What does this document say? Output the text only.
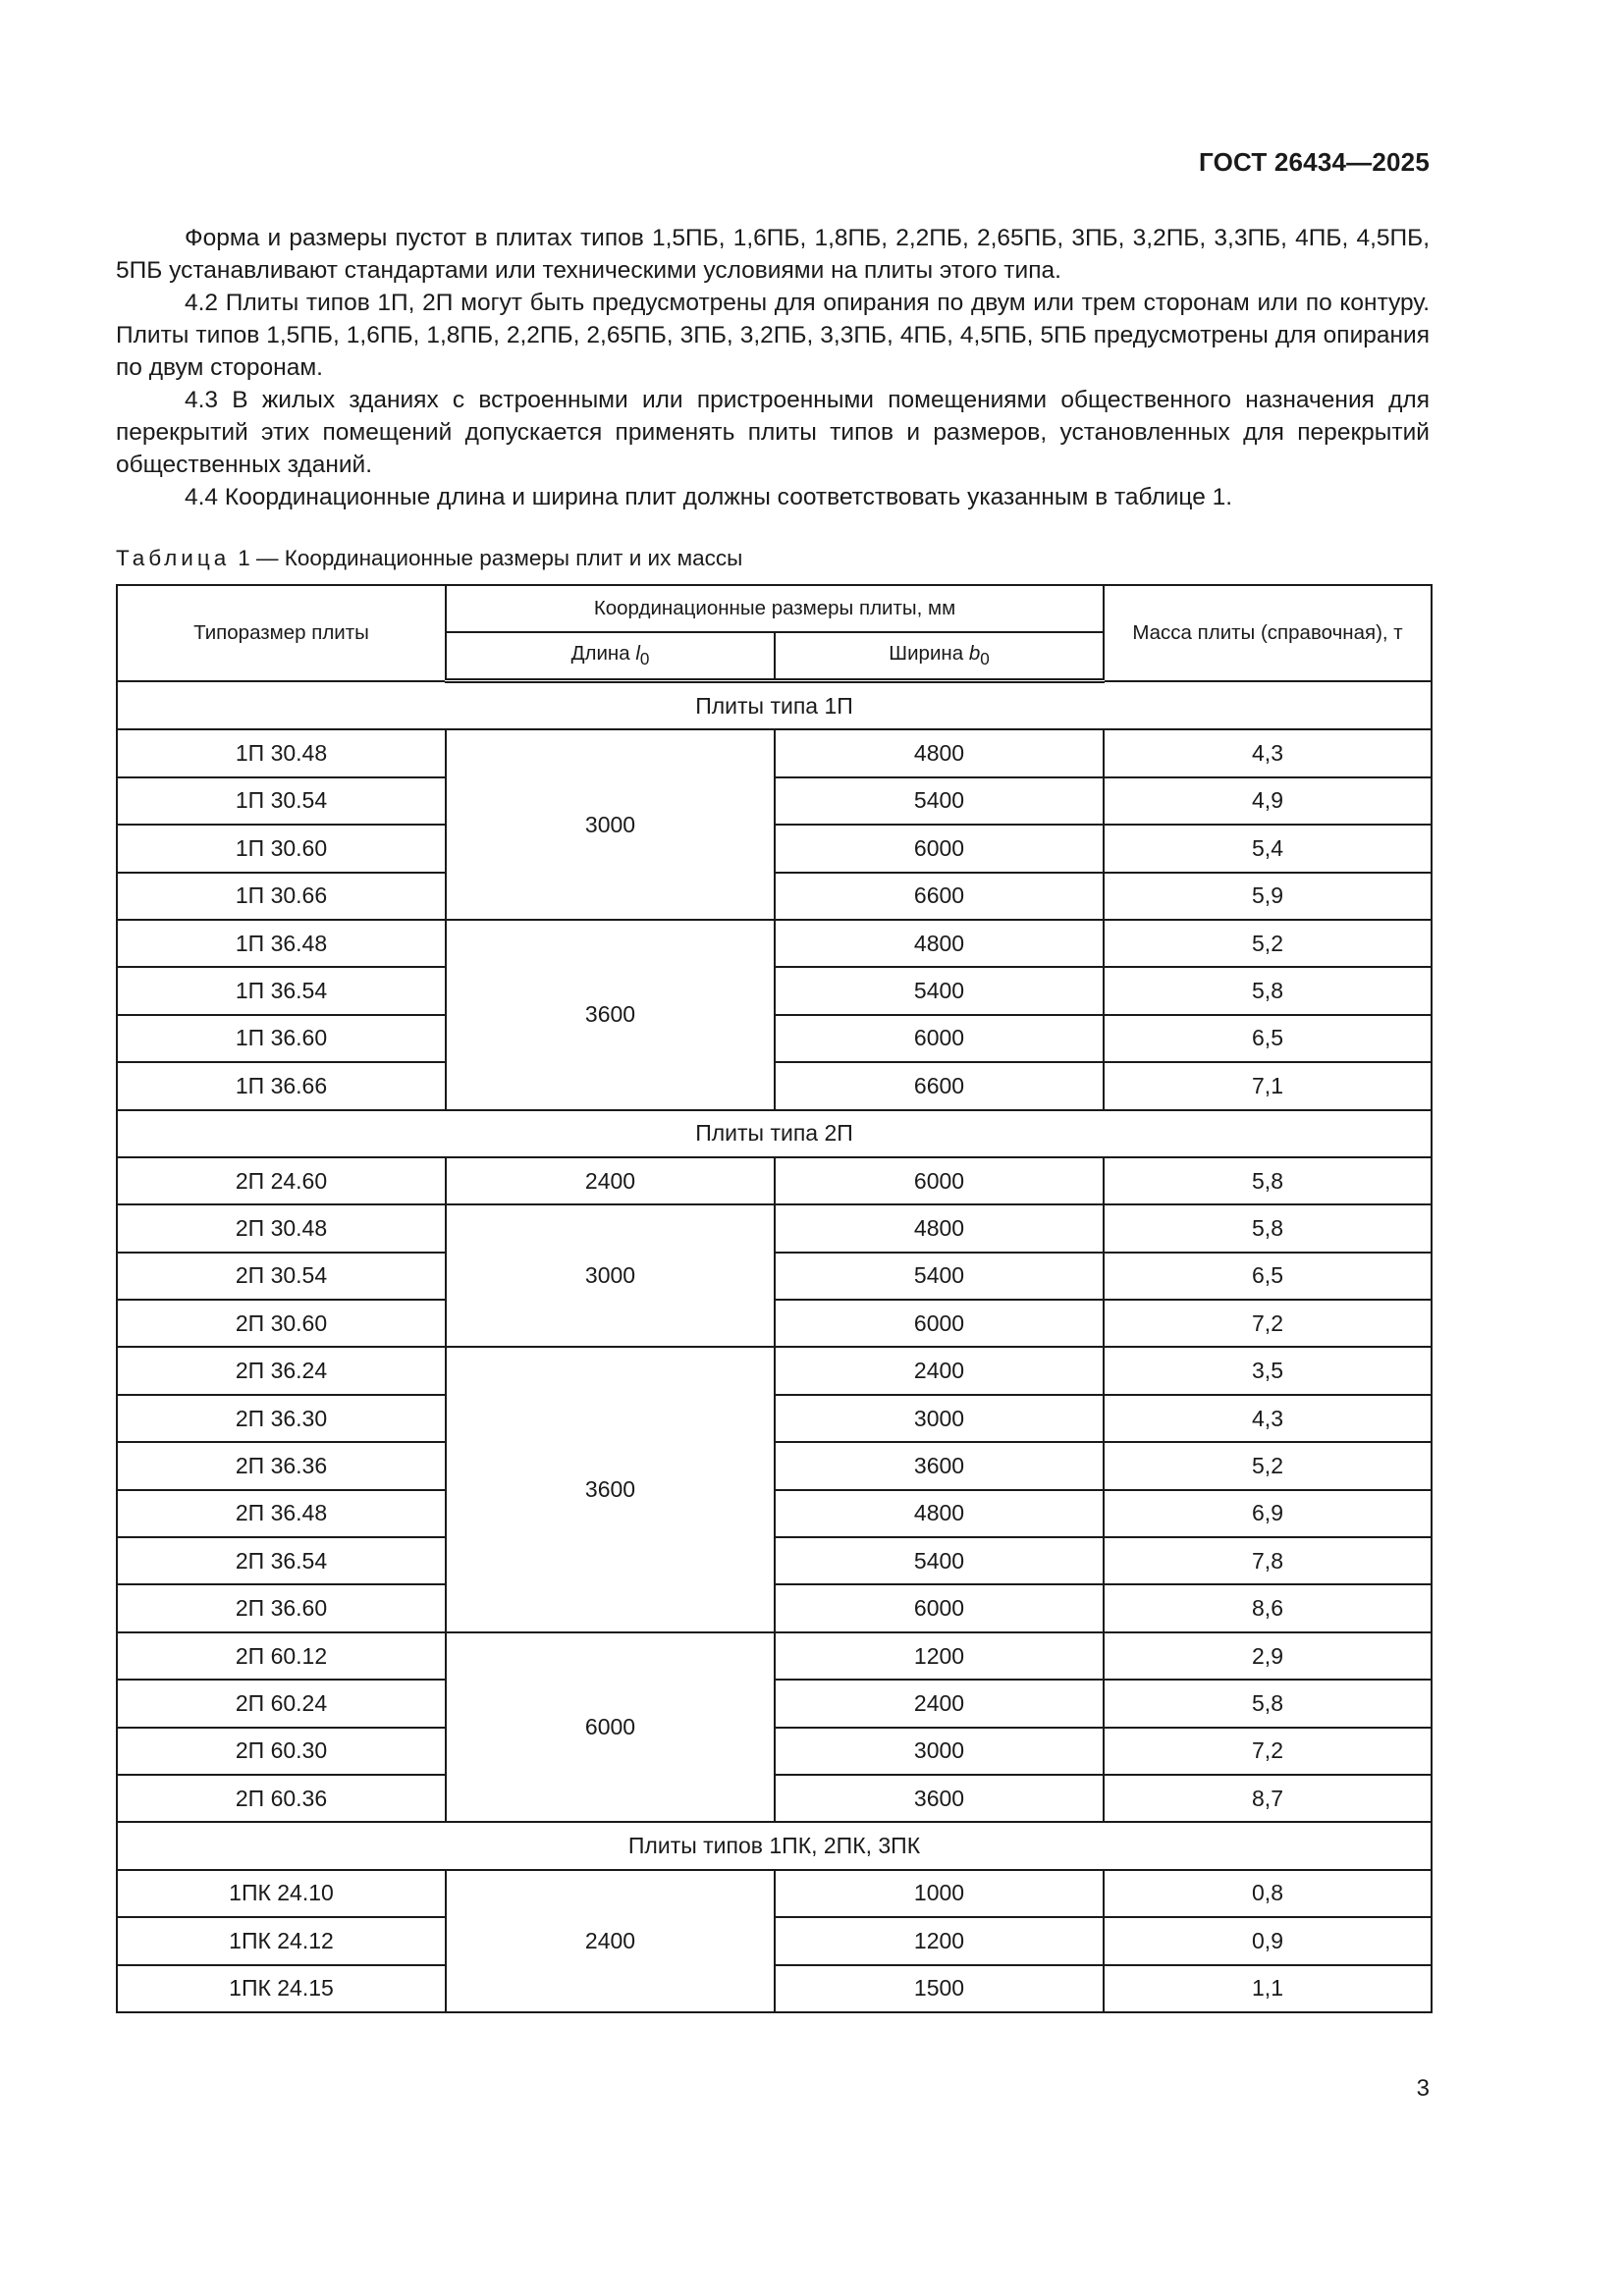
ГОСТ 26434—2025

Форма и размеры пустот в плитах типов 1,5ПБ, 1,6ПБ, 1,8ПБ, 2,2ПБ, 2,65ПБ, 3ПБ, 3,2ПБ, 3,3ПБ, 4ПБ, 4,5ПБ, 5ПБ устанавливают стандартами или техническими условиями на плиты этого типа.

4.2 Плиты типов 1П, 2П могут быть предусмотрены для опирания по двум или трем сторонам или по контуру. Плиты типов 1,5ПБ, 1,6ПБ, 1,8ПБ, 2,2ПБ, 2,65ПБ, 3ПБ, 3,2ПБ, 3,3ПБ, 4ПБ, 4,5ПБ, 5ПБ предусмотрены для опирания по двум сторонам.

4.3 В жилых зданиях с встроенными или пристроенными помещениями общественного назначения для перекрытий этих помещений допускается применять плиты типов и размеров, установленных для перекрытий общественных зданий.

4.4 Координационные длина и ширина плит должны соответствовать указанным в таблице 1.

Таблица 1 — Координационные размеры плит и их массы
Типоразмер плиты	Координационные размеры плиты, мм		Масса плиты (справочная), т
	Длина $l_0$	Ширина $b_0$
Плиты типа 1П			
1П 30.48	3000	4800	4,3
1П 30.54		5400	4,9
1П 30.60		6000	5,4
1П 30.66		6600	5,9
1П 36.48	3600	4800	5,2
1П 36.54		5400	5,8
1П 36.60		6000	6,5
1П 36.66		6600	7,1
Плиты типа 2П			
2П 24.60	2400	6000	5,8
2П 30.48	3000	4800	5,8
2П 30.54		5400	6,5
2П 30.60		6000	7,2
2П 36.24	3600	2400	3,5
2П 36.30		3000	4,3
2П 36.36		3600	5,2
2П 36.48		4800	6,9
2П 36.54		5400	7,8
2П 36.60		6000	8,6
2П 60.12	6000	1200	2,9
2П 60.24		2400	5,8
2П 60.30		3000	7,2
2П 60.36		3600	8,7
Плиты типов 1ПК, 2ПК, 3ПК			
1ПК 24.10	2400	1000	0,8
1ПК 24.12		1200	0,9
1ПК 24.15		1500	1,1
3
